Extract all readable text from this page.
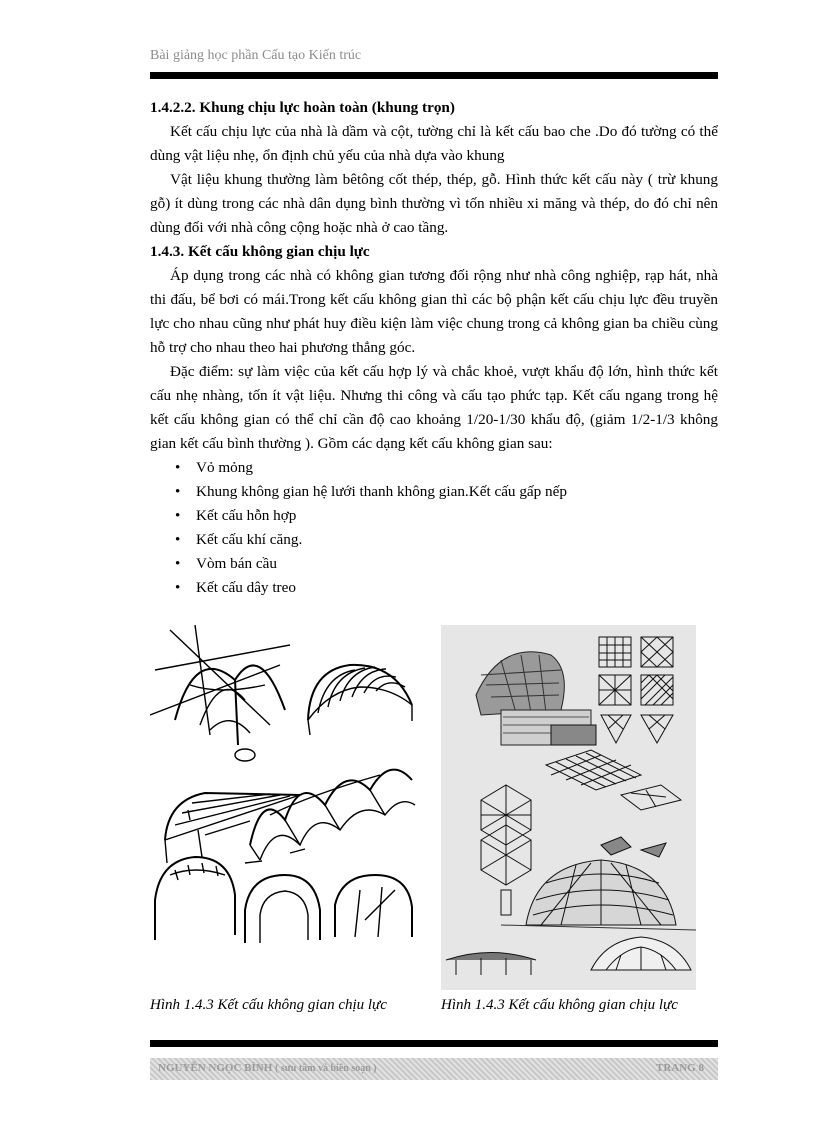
Bài giảng học phần Cấu tạo Kiến trúc
1.4.2.2. Khung chịu lực hoàn toàn (khung trọn)

Kết cấu chịu lực của nhà là dầm và cột, tường chỉ là kết cấu bao che .Do đó tường có thể dùng vật liệu nhẹ, ổn định chủ yếu của nhà dựa vào khung

Vật liệu khung thường làm bêtông cốt thép, thép, gỗ. Hình thức kết cấu này ( trừ khung gỗ) ít dùng trong các nhà dân dụng bình thường vì tốn nhiều xi măng và thép, do đó chỉ nên dùng đối với nhà công cộng hoặc nhà ở cao tầng.

1.4.3. Kết cấu không gian chịu lực

Áp dụng trong các nhà có không gian tương đối rộng như nhà công nghiệp, rạp hát, nhà thi đấu, bể bơi có mái.Trong kết cấu không gian thì các bộ phận kết cấu chịu lực đều truyền lực cho nhau cũng như phát huy điều kiện làm việc chung trong cả không gian ba chiều cùng hỗ trợ cho nhau theo hai phương thẳng góc.

Đặc điểm: sự làm việc của kết cấu hợp lý và chắc khoẻ, vượt khẩu độ lớn, hình thức kết cấu nhẹ nhàng, tốn ít vật liệu. Nhưng thi công và cấu tạo phức tạp. Kết cấu ngang trong hệ kết cấu không gian có thể chỉ cần độ cao khoảng 1/20-1/30 khẩu độ, (giảm 1/2-1/3 không gian kết cấu bình thường ). Gồm các dạng kết cấu không gian sau:

• Vỏ mỏng
• Khung không gian hệ lưới thanh không gian.Kết cấu gấp nếp
• Kết cấu hỗn hợp
• Kết cấu khí căng.
• Vòm bán cầu
• Kết cấu dây treo
Hình 1.4.3 Kết cấu không gian chịu lực	Hình 1.4.3 Kết cấu không gian chịu lực
NGUYỄN NGỌC BÌNH ( sưu tầm và biên soạn )	TRANG 8
